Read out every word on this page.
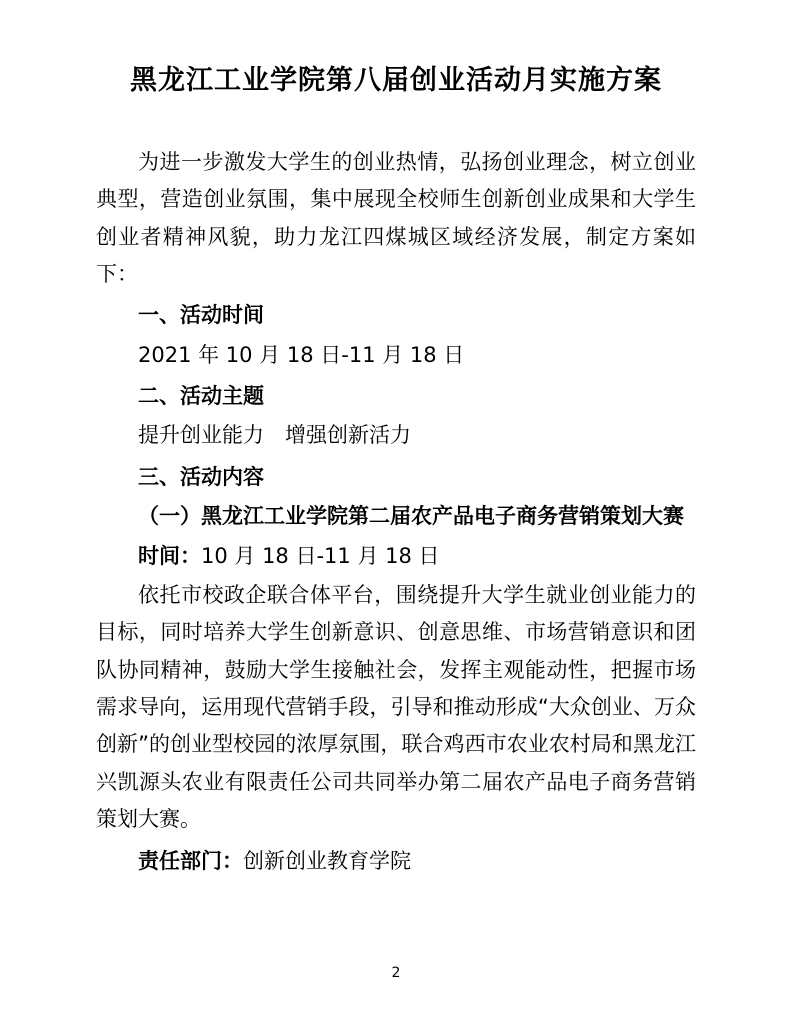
黑龙江工业学院第八届创业活动月实施方案

为进一步激发大学生的创业热情，弘扬创业理念，树立创业典型，营造创业氛围，集中展现全校师生创新创业成果和大学生创业者精神风貌，助力龙江四煤城区域经济发展，制定方案如下：

一、活动时间

2021 年 10 月 18 日-11 月 18 日

二、活动主题

提升创业能力　增强创新活力

三、活动内容

（一）黑龙江工业学院第二届农产品电子商务营销策划大赛

时间：10 月 18 日-11 月 18 日

依托市校政企联合体平台，围绕提升大学生就业创业能力的目标，同时培养大学生创新意识、创意思维、市场营销意识和团队协同精神，鼓励大学生接触社会，发挥主观能动性，把握市场需求导向，运用现代营销手段，引导和推动形成“大众创业、万众创新”的创业型校园的浓厚氛围，联合鸡西市农业农村局和黑龙江兴凯源头农业有限责任公司共同举办第二届农产品电子商务营销策划大赛。

责任部门：创新创业教育学院

2
